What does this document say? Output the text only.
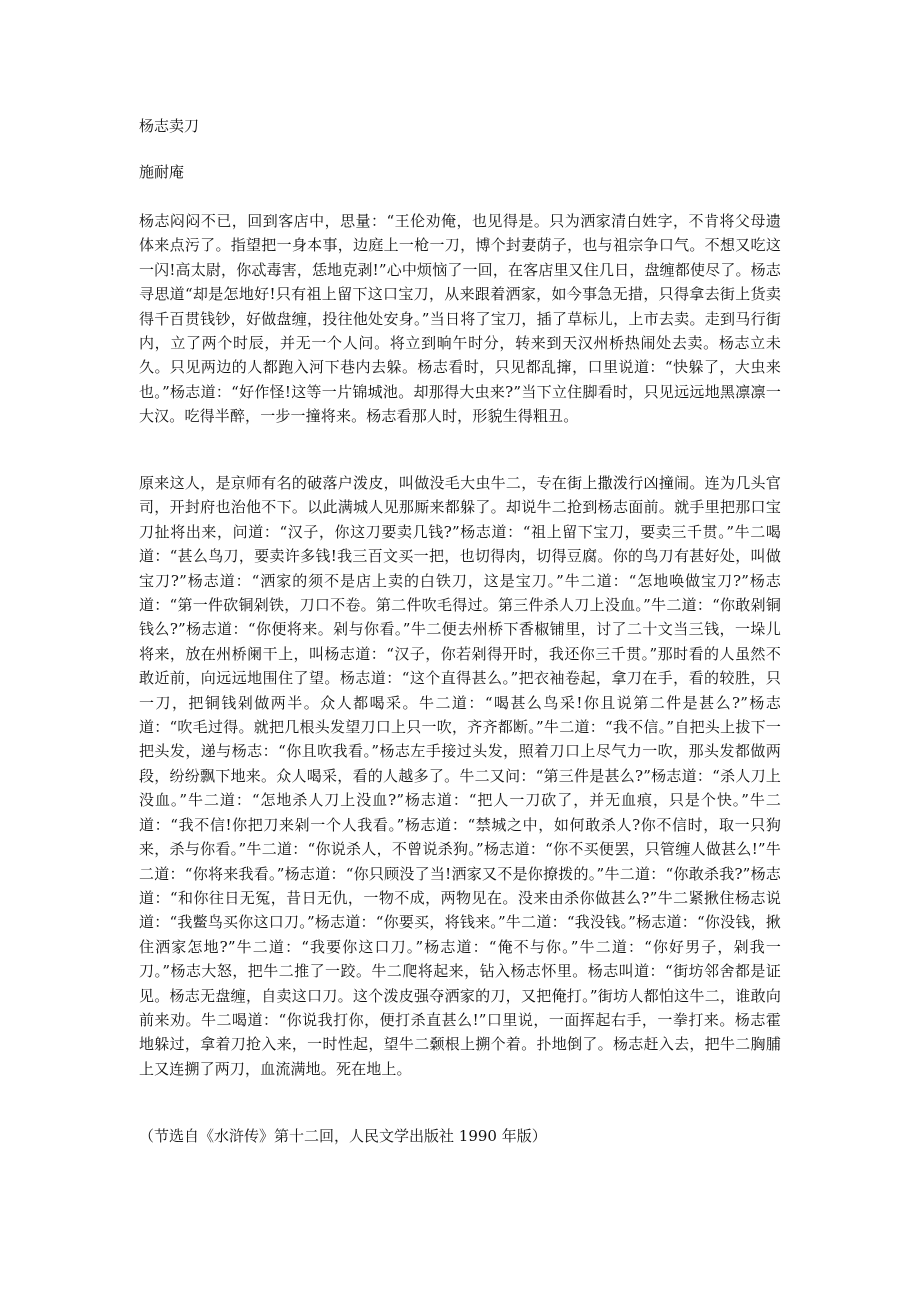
杨志卖刀

施耐庵

杨志闷闷不已，回到客店中，思量：“王伦劝俺，也见得是。只为洒家清白姓字，不肯将父母遗体来点污了。指望把一身本事，边庭上一枪一刀，博个封妻荫子，也与祖宗争口气。不想又吃这一闪!高太尉，你忒毒害，恁地克剥!”心中烦恼了一回，在客店里又住几日，盘缠都使尽了。杨志寻思道“却是怎地好!只有祖上留下这口宝刀，从来跟着洒家，如今事急无措，只得拿去街上货卖得千百贯钱钞，好做盘缠，投往他处安身。”当日将了宝刀，插了草标儿，上市去卖。走到马行街内，立了两个时辰，并无一个人问。将立到晌午时分，转来到天汉州桥热闹处去卖。杨志立未久。只见两边的人都跑入河下巷内去躲。杨志看时，只见都乱撺，口里说道：“快躲了，大虫来也。”杨志道：“好作怪!这等一片锦城池。却那得大虫来?”当下立住脚看时，只见远远地黑凛凛一大汉。吃得半醉，一步一撞将来。杨志看那人时，形貌生得粗丑。

原来这人，是京师有名的破落户泼皮，叫做没毛大虫牛二，专在街上撒泼行凶撞闹。连为几头官司，开封府也治他不下。以此满城人见那厮来都躲了。却说牛二抢到杨志面前。就手里把那口宝刀扯将出来，问道：“汉子，你这刀要卖几钱?”杨志道：“祖上留下宝刀，要卖三千贯。”牛二喝道：“甚么鸟刀，要卖许多钱!我三百文买一把，也切得肉，切得豆腐。你的鸟刀有甚好处，叫做宝刀?”杨志道：“洒家的须不是店上卖的白铁刀，这是宝刀。”牛二道：“怎地唤做宝刀?”杨志道：“第一件砍铜剁铁，刀口不卷。第二件吹毛得过。第三件杀人刀上没血。”牛二道：“你敢剁铜钱么?”杨志道：“你便将来。剁与你看。”牛二便去州桥下香椒铺里，讨了二十文当三钱，一垛儿将来，放在州桥阑干上，叫杨志道：“汉子，你若剁得开时，我还你三千贯。”那时看的人虽然不敢近前，向远远地围住了望。杨志道：“这个直得甚么。”把衣袖卷起，拿刀在手，看的较胜，只一刀，把铜钱剁做两半。众人都喝采。牛二道：“喝甚么鸟采!你且说第二件是甚么?”杨志道：“吹毛过得。就把几根头发望刀口上只一吹，齐齐都断。”牛二道：“我不信。”自把头上拔下一把头发，递与杨志：“你且吹我看。”杨志左手接过头发，照着刀口上尽气力一吹，那头发都做两段，纷纷飘下地来。众人喝采，看的人越多了。牛二又问：“第三件是甚么?”杨志道：“杀人刀上没血。”牛二道：“怎地杀人刀上没血?”杨志道：“把人一刀砍了，并无血痕，只是个快。”牛二道：“我不信!你把刀来剁一个人我看。”杨志道：“禁城之中，如何敢杀人?你不信时，取一只狗来，杀与你看。”牛二道：“你说杀人，不曾说杀狗。”杨志道：“你不买便罢，只管缠人做甚么!”牛二道：“你将来我看。”杨志道：“你只顾没了当!洒家又不是你撩拨的。”牛二道：“你敢杀我?”杨志道：“和你往日无冤，昔日无仇，一物不成，两物见在。没来由杀你做甚么?”牛二紧揪住杨志说道：“我鳖鸟买你这口刀。”杨志道：“你要买，将钱来。”牛二道：“我没钱。”杨志道：“你没钱，揪住洒家怎地?”牛二道：“我要你这口刀。”杨志道：“俺不与你。”牛二道：“你好男子，剁我一刀。”杨志大怒，把牛二推了一跤。牛二爬将起来，钻入杨志怀里。杨志叫道：“街坊邻舍都是证见。杨志无盘缠，自卖这口刀。这个泼皮强夺洒家的刀，又把俺打。”街坊人都怕这牛二，谁敢向前来劝。牛二喝道：“你说我打你，便打杀直甚么!”口里说，一面挥起右手，一拳打来。杨志霍地躲过，拿着刀抢入来，一时性起，望牛二颡根上搠个着。扑地倒了。杨志赶入去，把牛二胸脯上又连搠了两刀，血流满地。死在地上。

（节选自《水浒传》第十二回，人民文学出版社 1990 年版）
